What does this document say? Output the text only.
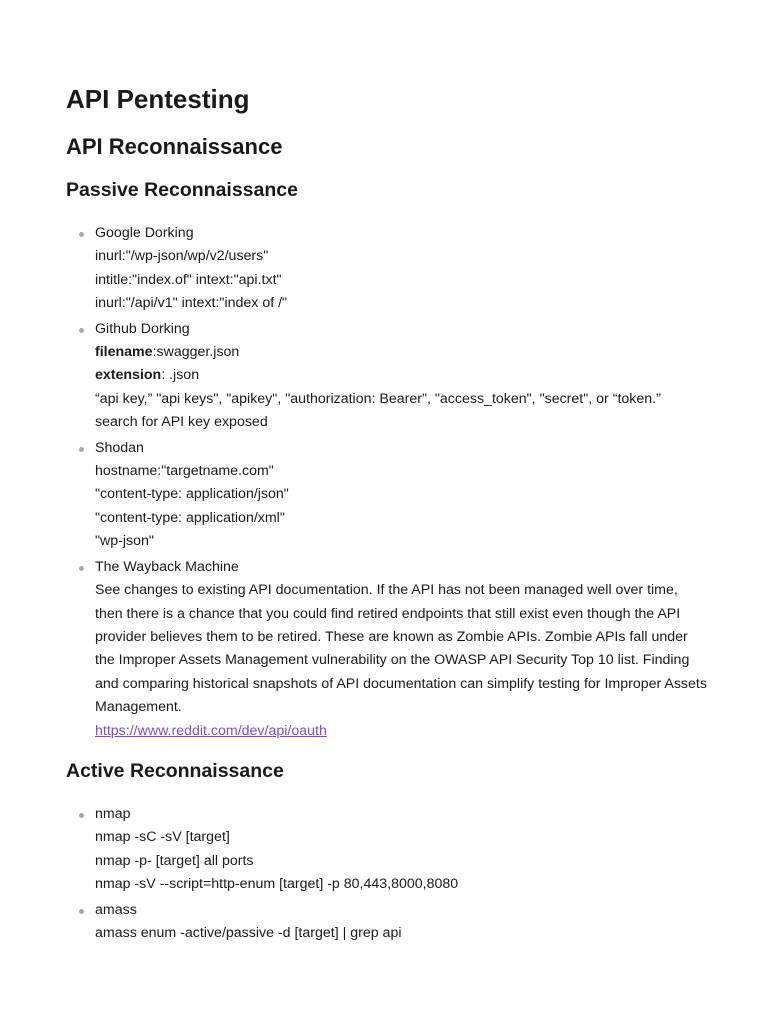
API Pentesting
API Reconnaissance
Passive Reconnaissance
Google Dorking
inurl:"/wp-json/wp/v2/users"
intitle:"index.of" intext:"api.txt"
inurl:"/api/v1" intext:"index of /"
Github Dorking
filename:swagger.json
extension: .json
“api key,” "api keys", "apikey", "authorization: Bearer", "access_token", "secret", or “token.”
search for API key exposed
Shodan
hostname:"targetname.com"
"content-type: application/json"
"content-type: application/xml"
"wp-json"
The Wayback Machine
See changes to existing API documentation. If the API has not been managed well over time, then there is a chance that you could find retired endpoints that still exist even though the API provider believes them to be retired. These are known as Zombie APIs. Zombie APIs fall under the Improper Assets Management vulnerability on the OWASP API Security Top 10 list. Finding and comparing historical snapshots of API documentation can simplify testing for Improper Assets Management.
https://www.reddit.com/dev/api/oauth
Active Reconnaissance
nmap
nmap -sC -sV [target]
nmap -p- [target] all ports
nmap -sV --script=http-enum [target] -p 80,443,8000,8080
amass
amass enum -active/passive -d [target] | grep api
